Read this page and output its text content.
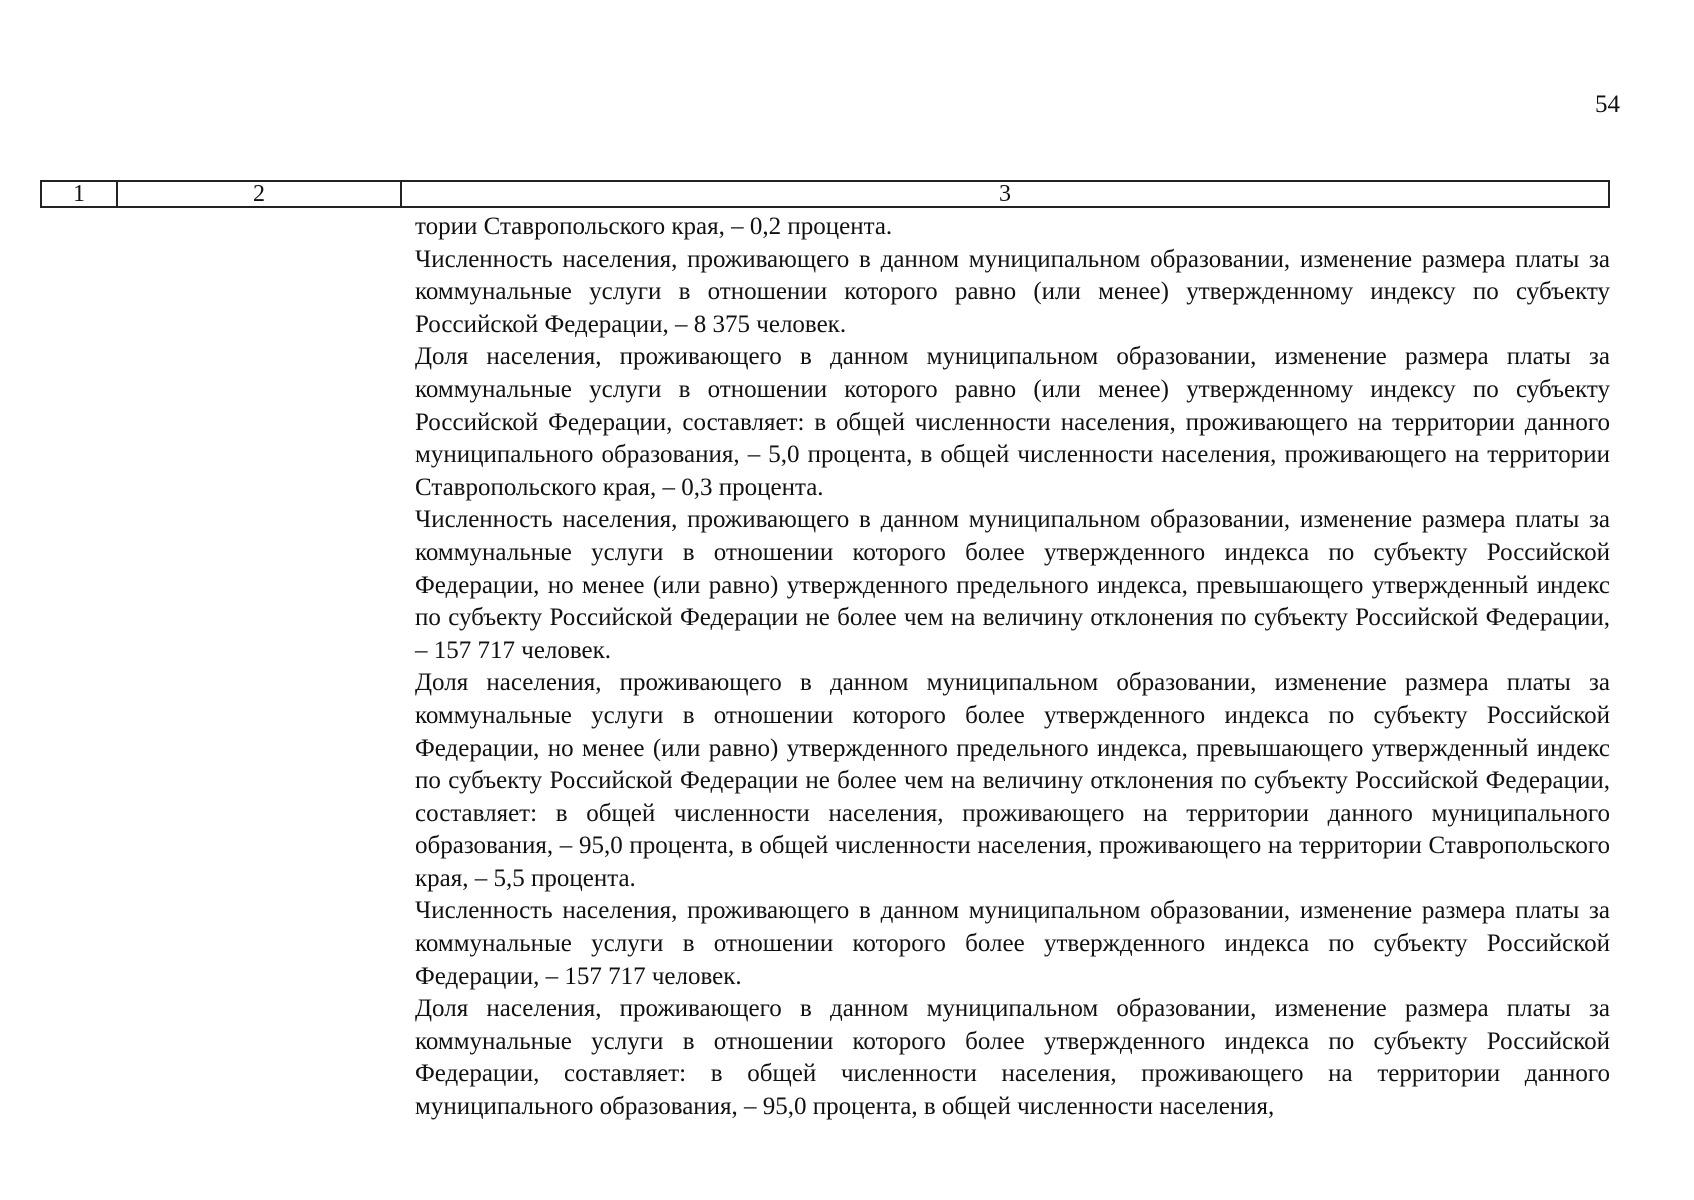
54
1	2	3

тории Ставропольского края, – 0,2 процента.

Численность населения, проживающего в данном муниципальном образовании, изменение размера платы за коммунальные услуги в отношении которого равно (или менее) утвержденному индексу по субъекту Российской Федерации, – 8 375 человек.

Доля населения, проживающего в данном муниципальном образовании, изменение размера платы за коммунальные услуги в отношении которого равно (или менее) утвержденному индексу по субъекту Российской Федерации, составляет: в общей численности населения, проживающего на территории данного муниципального образования, – 5,0 процента, в общей численности населения, проживающего на территории Ставропольского края, – 0,3 процента.

Численность населения, проживающего в данном муниципальном образовании, изменение размера платы за коммунальные услуги в отношении которого более утвержденного индекса по субъекту Российской Федерации, но менее (или равно) утвержденного предельного индекса, превышающего утвержденный индекс по субъекту Российской Федерации не более чем на величину отклонения по субъекту Российской Федерации, – 157 717 человек.

Доля населения, проживающего в данном муниципальном образовании, изменение размера платы за коммунальные услуги в отношении которого более утвержденного индекса по субъекту Российской Федерации, но менее (или равно) утвержденного предельного индекса, превышающего утвержденный индекс по субъекту Российской Федерации не более чем на величину отклонения по субъекту Российской Федерации, составляет: в общей численности населения, проживающего на территории данного муниципального образования, – 95,0 процента, в общей численности населения, проживающего на территории Ставропольского края, – 5,5 процента.

Численность населения, проживающего в данном муниципальном образовании, изменение размера платы за коммунальные услуги в отношении которого более утвержденного индекса по субъекту Российской Федерации, – 157 717 человек.

Доля населения, проживающего в данном муниципальном образовании, изменение размера платы за коммунальные услуги в отношении которого более утвержденного индекса по субъекту Российской Федерации, составляет: в общей численности населения, проживающего на территории данного муниципального образования, – 95,0 процента, в общей численности населения,
